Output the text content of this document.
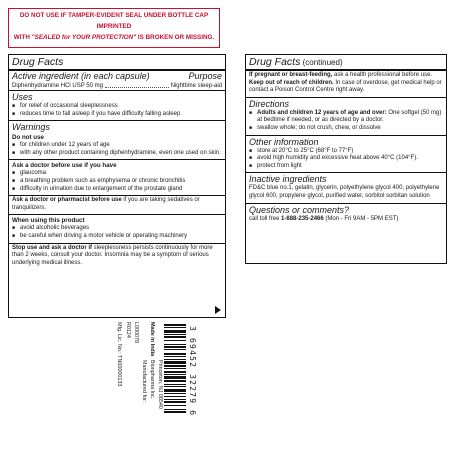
DO NOT USE IF TAMPER-EVIDENT SEAL UNDER BOTTLE CAP IMPRINTED
WITH "SEALED for YOUR PROTECTION" IS BROKEN OR MISSING.
Drug Facts
Active ingredient (in each capsule)	Purpose
Diphenhydramine HCl USP 50 mg	Nighttime sleep-aid
Uses
■ for relief of occasional sleeplessness
■ reduces time to fall asleep if you have difficulty falling asleep
Warnings
Do not use
■ for children under 12 years of age
■ with any other product containing diphenhydramine, even one used on skin.
Ask a doctor before use if you have
■ glaucoma
■ a breathing problem such as emphysema or chronic bronchitis
■ difficulty in urination due to enlargement of the prostate gland
Ask a doctor or pharmacist before use if you are taking sedatives or tranquilizers.
When using this product
■ avoid alcoholic beverages
■ be careful when driving a motor vehicle or operating machinery
Stop use and ask a doctor if sleeplessness persists continuously for more than 2 weeks, consult your doctor. Insomnia may be a symptom of serious underlying medical illness.
Drug Facts (continued)
If pregnant or breast-feeding, ask a health professional before use.
Keep out of reach of children. In case of overdose, get medical help or contact a Poison Control Centre right away.
Directions
■ Adults and children 12 years of age and over: One softgel (50 mg) at bedtime if needed, or as directed by a doctor.
■ swallow whole; do not crush, chew, or dissolve
Other information
■ store at 20°C to 25°C (68°F to 77°F)
■ avoid high humidity and excessive heat above 40°C (104°F).
■ protect from light
Inactive ingredients
FD&C blue no.1, gelatin, glycerin, polyethylene glycol 400, polyethylene glycol 600, propylene glycol, purified water, sorbitol sorbitan solution
Questions or comments?
call toll free 1-888-235-2466 (Mon - Fri 9AM - 5PM EST)
Mfg. Lic. No.: TN00000133 R0124 L000078 Made in India
Manufactured for: Bionpharma Inc. Princeton, NJ 08540	3 69452 32279 6
